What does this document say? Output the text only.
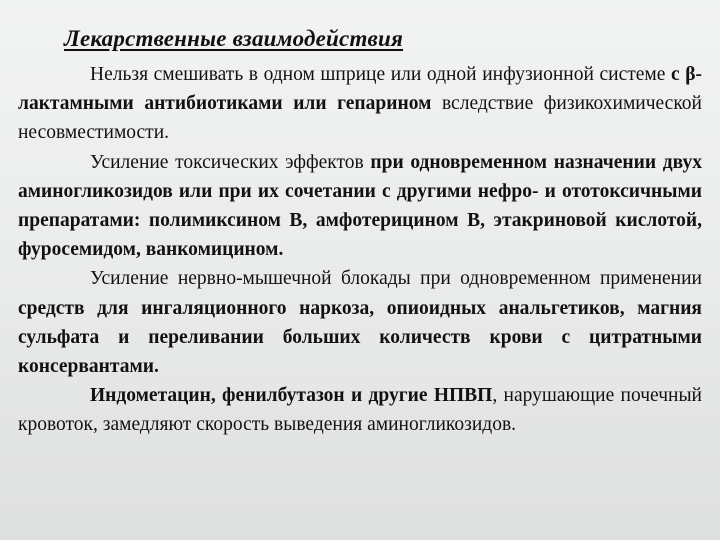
Лекарственные взаимодействия

Нельзя смешивать в одном шприце или одной инфузионной системе с β-лактамными антибиотиками или гепарином вследствие физикохимической несовместимости.

Усиление токсических эффектов при одновременном назначении двух аминогликозидов или при их сочетании с другими нефро- и ототоксичными препаратами: полимиксином В, амфотерицином В, этакриновой кислотой, фуросемидом, ванкомицином.

Усиление нервно-мышечной блокады при одновременном применении средств для ингаляционного наркоза, опиоидных анальгетиков, магния сульфата и переливании больших количеств крови с цитратными консервантами.

Индометацин, фенилбутазон и другие НПВП, нарушающие почечный кровоток, замедляют скорость выведения аминогликозидов.
